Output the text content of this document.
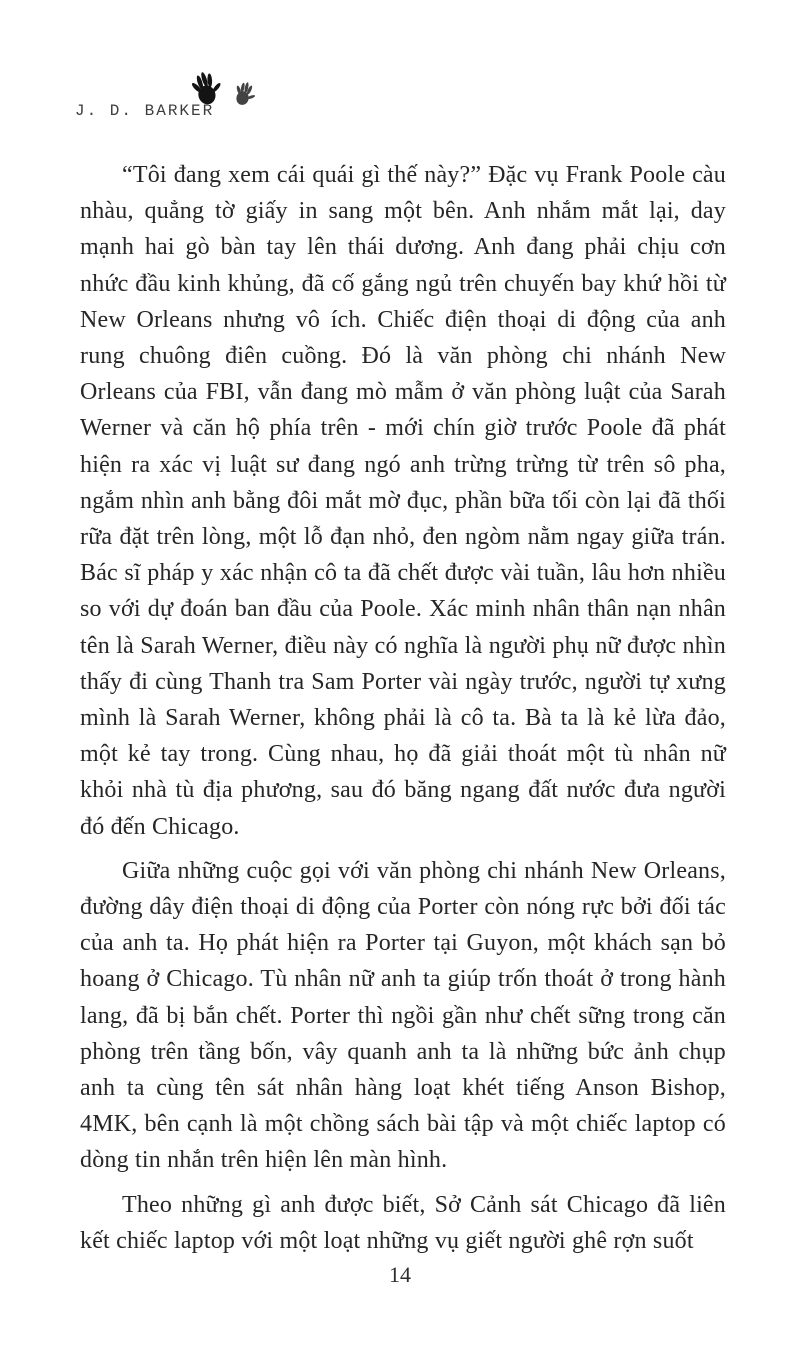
J. D. BARKER

“Tôi đang xem cái quái gì thế này?” Đặc vụ Frank Poole càu nhàu, quẳng tờ giấy in sang một bên. Anh nhắm mắt lại, day mạnh hai gò bàn tay lên thái dương. Anh đang phải chịu cơn nhức đầu kinh khủng, đã cố gắng ngủ trên chuyến bay khứ hồi từ New Orleans nhưng vô ích. Chiếc điện thoại di động của anh rung chuông điên cuồng. Đó là văn phòng chi nhánh New Orleans của FBI, vẫn đang mò mẫm ở văn phòng luật của Sarah Werner và căn hộ phía trên - mới chín giờ trước Poole đã phát hiện ra xác vị luật sư đang ngó anh trừng trừng từ trên sô pha, ngắm nhìn anh bằng đôi mắt mờ đục, phần bữa tối còn lại đã thối rữa đặt trên lòng, một lỗ đạn nhỏ, đen ngòm nằm ngay giữa trán. Bác sĩ pháp y xác nhận cô ta đã chết được vài tuần, lâu hơn nhiều so với dự đoán ban đầu của Poole. Xác minh nhân thân nạn nhân tên là Sarah Werner, điều này có nghĩa là người phụ nữ được nhìn thấy đi cùng Thanh tra Sam Porter vài ngày trước, người tự xưng mình là Sarah Werner, không phải là cô ta. Bà ta là kẻ lừa đảo, một kẻ tay trong. Cùng nhau, họ đã giải thoát một tù nhân nữ khỏi nhà tù địa phương, sau đó băng ngang đất nước đưa người đó đến Chicago.

Giữa những cuộc gọi với văn phòng chi nhánh New Orleans, đường dây điện thoại di động của Porter còn nóng rực bởi đối tác của anh ta. Họ phát hiện ra Porter tại Guyon, một khách sạn bỏ hoang ở Chicago. Tù nhân nữ anh ta giúp trốn thoát ở trong hành lang, đã bị bắn chết. Porter thì ngồi gần như chết sững trong căn phòng trên tầng bốn, vây quanh anh ta là những bức ảnh chụp anh ta cùng tên sát nhân hàng loạt khét tiếng Anson Bishop, 4MK, bên cạnh là một chồng sách bài tập và một chiếc laptop có dòng tin nhắn trên hiện lên màn hình.

Theo những gì anh được biết, Sở Cảnh sát Chicago đã liên kết chiếc laptop với một loạt những vụ giết người ghê rợn suốt

14
